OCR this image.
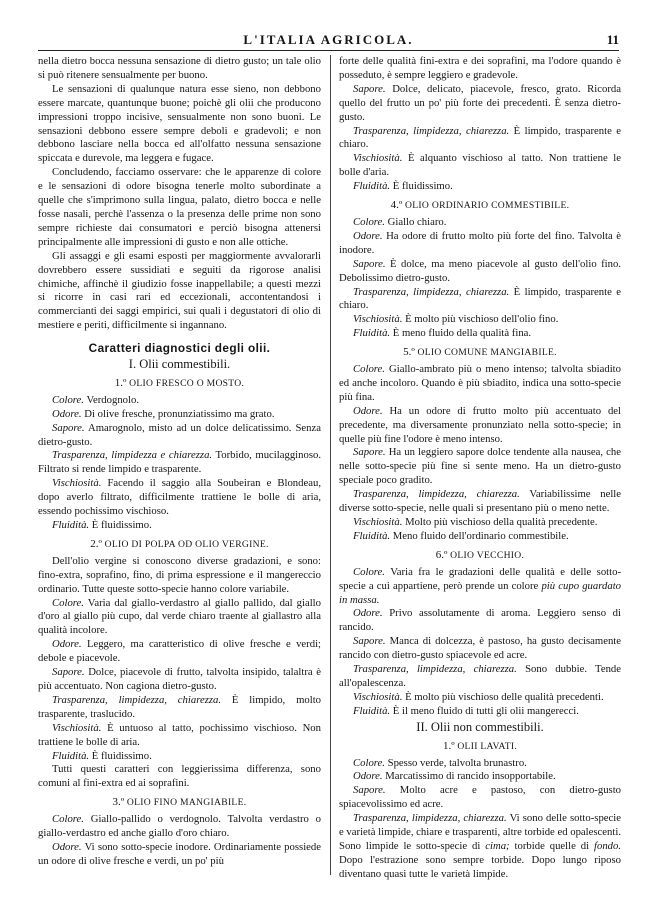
L'ITALIA AGRICOLA.	11

nella dietro bocca nessuna sensazione di dietro gusto; un tale olio si può ritenere sensualmente per buono.

Le sensazioni di qualunque natura esse sieno, non debbono essere marcate, quantunque buone; poichè gli olii che producono impressioni troppo incisive, sensualmente non sono buoni. Le sensazioni debbono essere sempre deboli e gradevoli; e non debbono lasciare nella bocca ed all'olfatto nessuna sensazione spiccata e durevole, ma leggera e fugace.

Concludendo, facciamo osservare: che le apparenze di colore e le sensazioni di odore bisogna tenerle molto subordinate a quelle che s'imprimono sulla lingua, palato, dietro bocca e nelle fosse nasali, perchè l'assenza o la presenza delle prime non sono sempre richieste dai consumatori e perciò bisogna attenersi principalmente alle impressioni di gusto e non alle ottiche.

Gli assaggi e gli esami esposti per maggiormente avvalorarli dovrebbero essere sussidiati e seguiti da rigorose analisi chimiche, affinchè il giudizio fosse inappellabile; a questi mezzi si ricorre in casi rari ed eccezionali, accontentandosi i commercianti dei saggi empirici, sui quali i degustatori di olio di mestiere e periti, difficilmente si ingannano.

Caratteri diagnostici degli olii.
I. Olii commestibili.
1.º OLIO FRESCO O MOSTO.

Colore. Verdognolo.

Odore. Di olive fresche, pronunziatissimo ma grato.

Sapore. Amarognolo, misto ad un dolce delicatissimo. Senza dietro-gusto.

Trasparenza, limpidezza e chiarezza. Torbido, mucilagginoso. Filtrato si rende limpido e trasparente.

Vischiosità. Facendo il saggio alla Soubeiran e Blondeau, dopo averlo filtrato, difficilmente trattiene le bolle di aria, essendo pochissimo vischioso.

Fluidità. È fluidissimo.

2.º OLIO DI POLPA OD OLIO VERGINE.

Dell'olio vergine si conoscono diverse gradazioni, e sono: fino-extra, soprafino, fino, di prima espressione e il mangereccio ordinario. Tutte queste sotto-specie hanno colore variabile.

Colore. Varia dal giallo-verdastro al giallo pallido, dal giallo d'oro al giallo più cupo, dal verde chiaro traente al giallastro alla qualità incolore.

Odore. Leggero, ma caratteristico di olive fresche e verdi; debole e piacevole.

Sapore. Dolce, piacevole di frutto, talvolta insipido, talaltra è più accentuato. Non cagiona dietro-gusto.

Trasparenza, limpidezza, chiarezza. È limpido, molto trasparente, traslucido.

Vischiosità. È untuoso al tatto, pochissimo vischioso. Non trattiene le bolle di aria.

Fluidità. È fluidissimo.

Tutti questi caratteri con leggierissima differenza, sono comuni al fini-extra ed ai soprafini.

3.º OLIO FINO MANGIABILE.

Colore. Giallo-pallido o verdognolo. Talvolta verdastro o giallo-verdastro ed anche giallo d'oro chiaro.

Odore. Vi sono sotto-specie inodore. Ordinariamente possiede un odore di olive fresche e verdi, un po' più

forte delle qualità fini-extra e dei soprafini, ma l'odore quando è posseduto, è sempre leggiero e gradevole.

Sapore. Dolce, delicato, piacevole, fresco, grato. Ricorda quello del frutto un po' più forte dei precedenti. È senza dietro-gusto.

Trasparenza, limpidezza, chiarezza. È limpido, trasparente e chiaro.

Vischiosità. È alquanto vischioso al tatto. Non trattiene le bolle d'aria.

Fluidità. È fluidissimo.

4.º OLIO ORDINARIO COMMESTIBILE.

Colore. Giallo chiaro.

Odore. Ha odore di frutto molto più forte del fino. Talvolta è inodore.

Sapore. È dolce, ma meno piacevole al gusto dell'olio fino. Debolissimo dietro-gusto.

Trasparenza, limpidezza, chiarezza. È limpido, trasparente e chiaro.

Vischiosità. È molto più vischioso dell'olio fino.

Fluidità. È meno fluido della qualità fina.

5.º OLIO COMUNE MANGIABILE.

Colore. Giallo-ambrato più o meno intenso; talvolta sbiadito ed anche incoloro. Quando è più sbiadito, indica una sotto-specie più fina.

Odore. Ha un odore di frutto molto più accentuato del precedente, ma diversamente pronunziato nella sotto-specie; in quelle più fine l'odore è meno intenso.

Sapore. Ha un leggiero sapore dolce tendente alla nausea, che nelle sotto-specie più fine si sente meno. Ha un dietro-gusto speciale poco gradito.

Trasparenza, limpidezza, chiarezza. Variabilissime nelle diverse sotto-specie, nelle quali si presentano più o meno nette.

Vischiosità. Molto più vischioso della qualità precedente.

Fluidità. Meno fluido dell'ordinario commestibile.

6.º OLIO VECCHIO.

Colore. Varia fra le gradazioni delle qualità e delle sotto-specie a cui appartiene, però prende un colore più cupo guardato in massa.

Odore. Privo assolutamente di aroma. Leggiero senso di rancido.

Sapore. Manca di dolcezza, è pastoso, ha gusto decisamente rancido con dietro-gusto spiacevole ed acre.

Trasparenza, limpidezza, chiarezza. Sono dubbie. Tende all'opalescenza.

Vischiosità. È molto più vischioso delle qualità precedenti.

Fluidità. È il meno fluido di tutti gli olii mangerecci.

II. Olii non commestibili.
1.º OLII LAVATI.

Colore. Spesso verde, talvolta brunastro.

Odore. Marcatissimo di rancido insopportabile.

Sapore. Molto acre e pastoso, con dietro-gusto spiacevolissimo ed acre.

Trasparenza, limpidezza, chiarezza. Vi sono delle sotto-specie e varietà limpide, chiare e trasparenti, altre torbide ed opalescenti. Sono limpide le sotto-specie di cima; torbide quelle di fondo. Dopo l'estrazione sono sempre torbide. Dopo lungo riposo diventano quasi tutte le varietà limpide.
